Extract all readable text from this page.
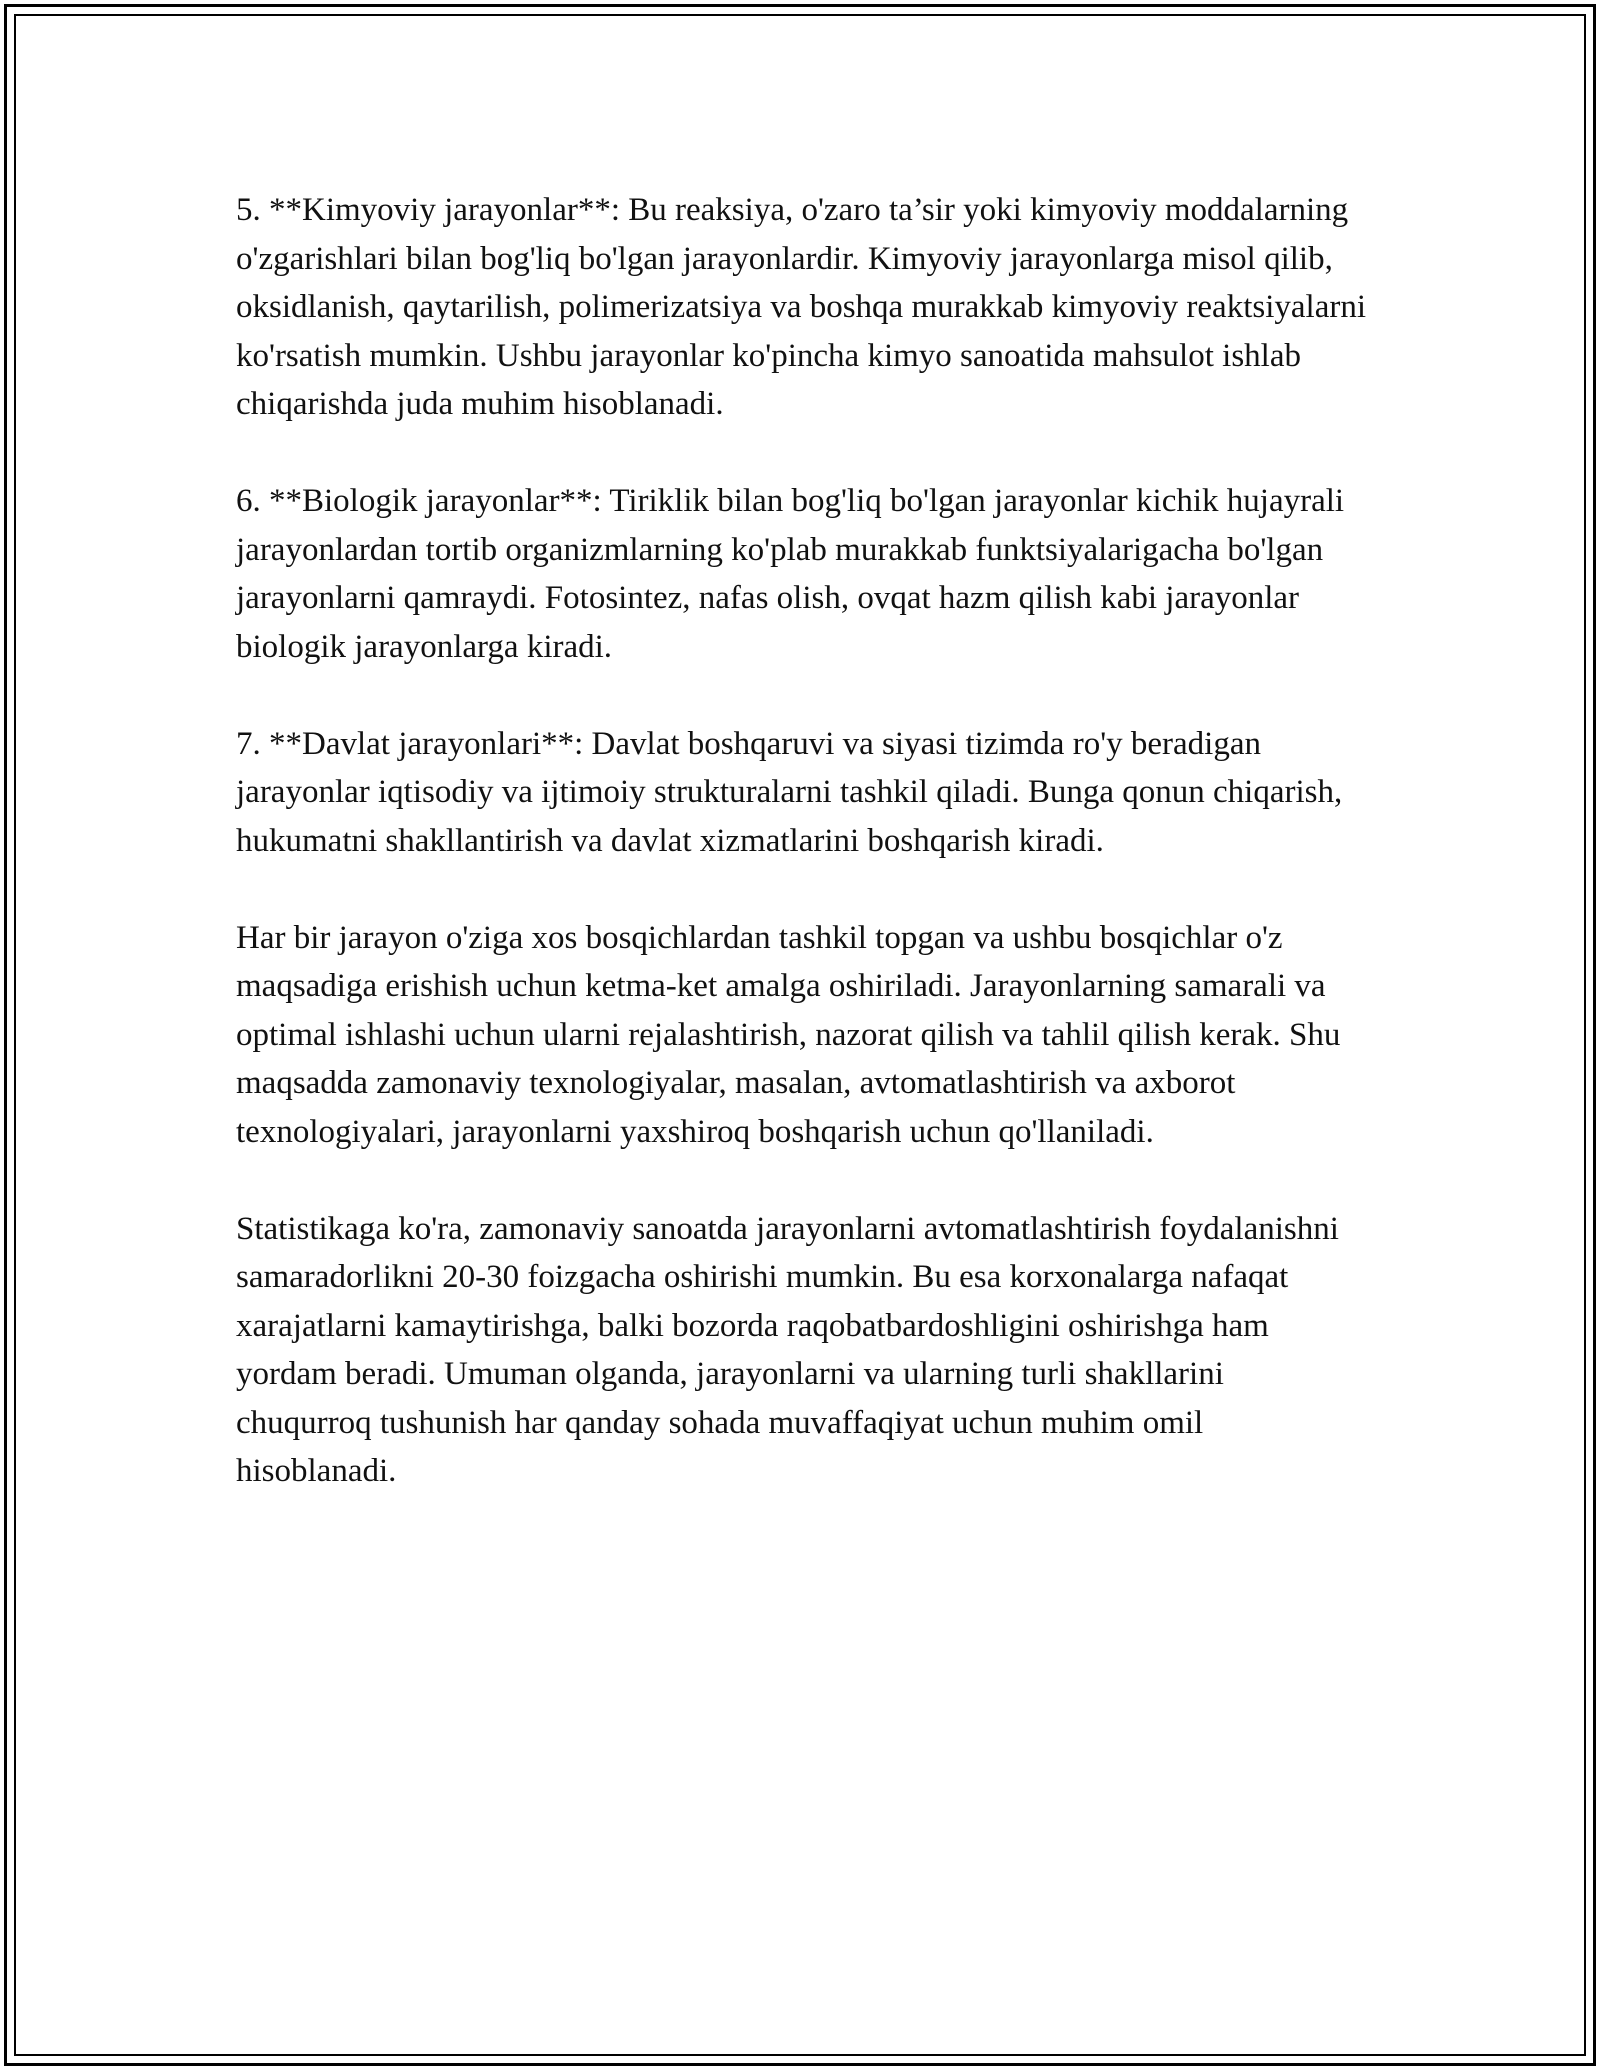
5. **Kimyoviy jarayonlar**: Bu reaksiya, o'zaro ta’sir yoki kimyoviy moddalarning o'zgarishlari bilan bog'liq bo'lgan jarayonlardir. Kimyoviy jarayonlarga misol qilib, oksidlanish, qaytarilish, polimerizatsiya va boshqa murakkab kimyoviy reaktsiyalarni ko'rsatish mumkin. Ushbu jarayonlar ko'pincha kimyo sanoatida mahsulot ishlab chiqarishda juda muhim hisoblanadi.

6. **Biologik jarayonlar**: Tiriklik bilan bog'liq bo'lgan jarayonlar kichik hujayrali jarayonlardan tortib organizmlarning ko'plab murakkab funktsiyalarigacha bo'lgan jarayonlarni qamraydi. Fotosintez, nafas olish, ovqat hazm qilish kabi jarayonlar biologik jarayonlarga kiradi.

7. **Davlat jarayonlari**: Davlat boshqaruvi va siyasi tizimda ro'y beradigan jarayonlar iqtisodiy va ijtimoiy strukturalarni tashkil qiladi. Bunga qonun chiqarish, hukumatni shakllantirish va davlat xizmatlarini boshqarish kiradi.

Har bir jarayon o'ziga xos bosqichlardan tashkil topgan va ushbu bosqichlar o'z maqsadiga erishish uchun ketma-ket amalga oshiriladi. Jarayonlarning samarali va optimal ishlashi uchun ularni rejalashtirish, nazorat qilish va tahlil qilish kerak. Shu maqsadda zamonaviy texnologiyalar, masalan, avtomatlashtirish va axborot texnologiyalari, jarayonlarni yaxshiroq boshqarish uchun qo'llaniladi.

Statistikaga ko'ra, zamonaviy sanoatda jarayonlarni avtomatlashtirish foydalanishni samaradorlikni 20-30 foizgacha oshirishi mumkin. Bu esa korxonalarga nafaqat xarajatlarni kamaytirishga, balki bozorda raqobatbardoshligini oshirishga ham yordam beradi. Umuman olganda, jarayonlarni va ularning turli shakllarini chuqurroq tushunish har qanday sohada muvaffaqiyat uchun muhim omil hisoblanadi.
